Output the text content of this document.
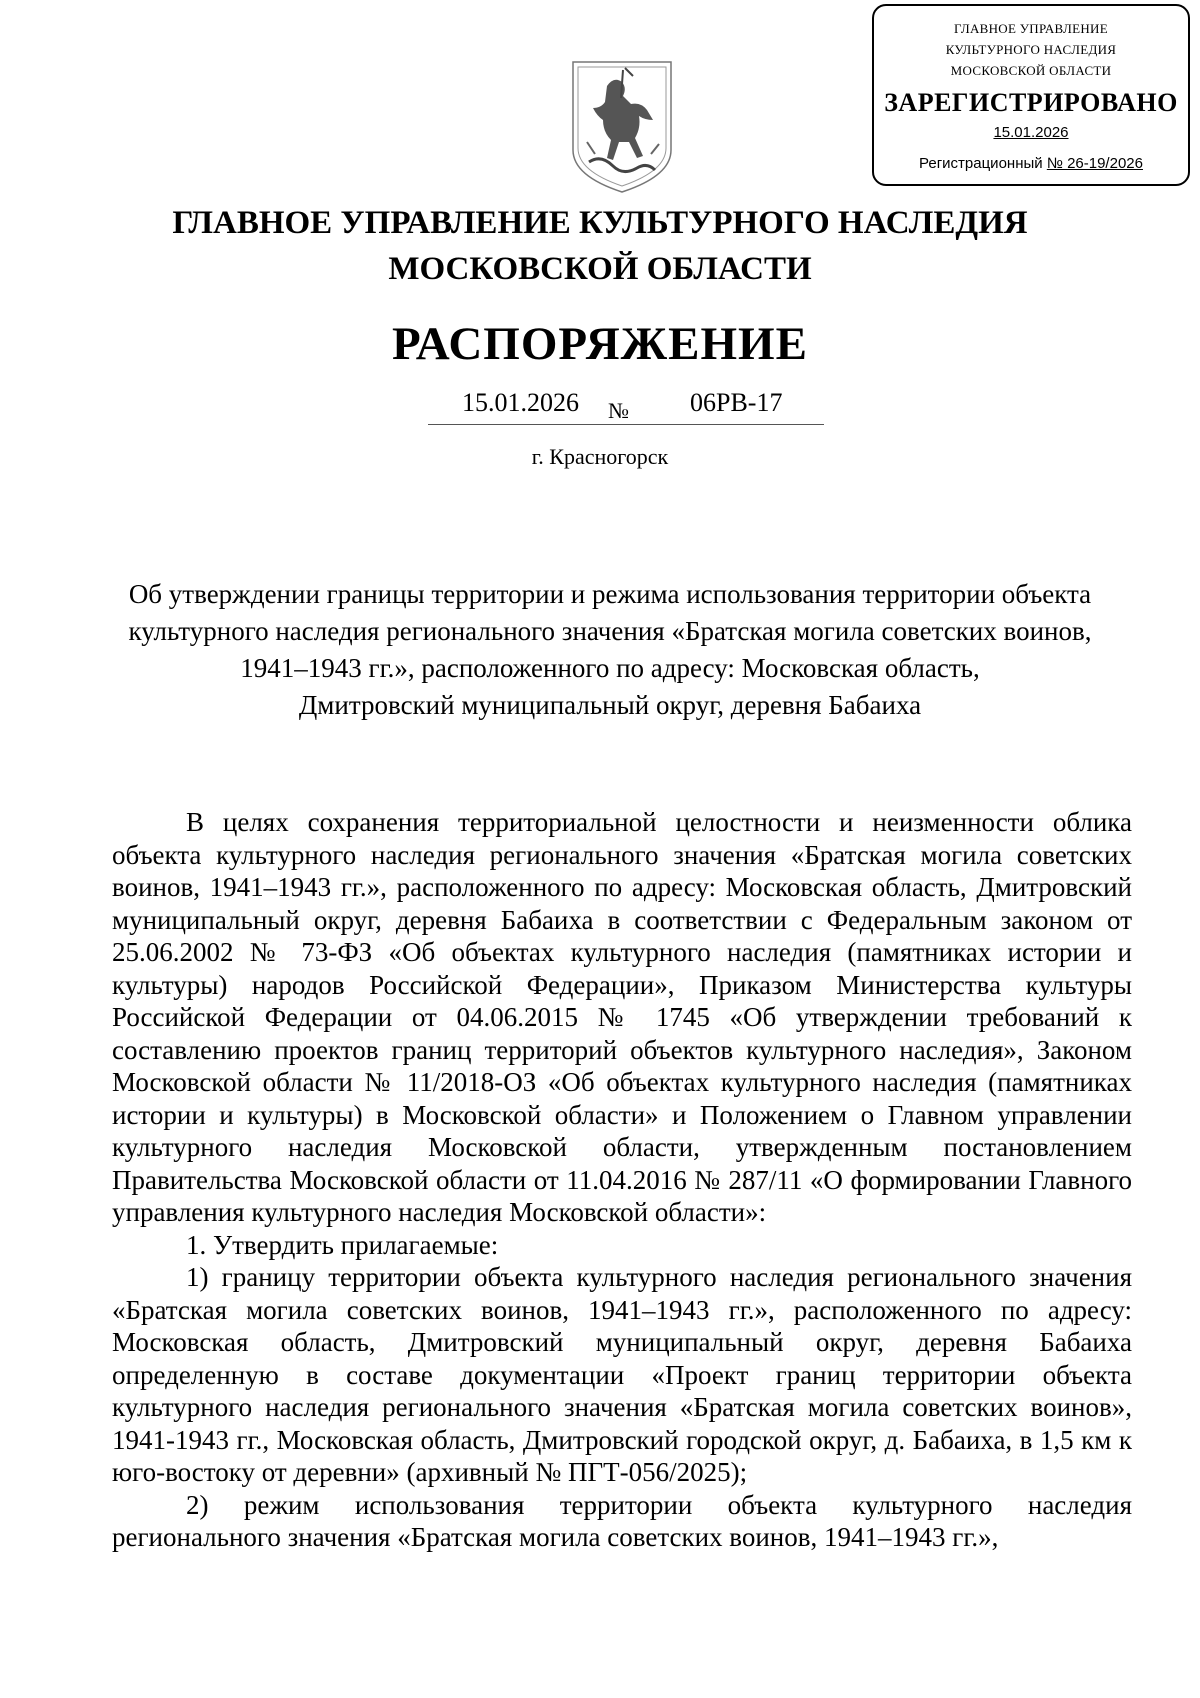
ГЛАВНОЕ УПРАВЛЕНИЕ
КУЛЬТУРНОГО НАСЛЕДИЯ
МОСКОВСКОЙ ОБЛАСТИ
ЗАРЕГИСТРИРОВАНО
15.01.2026
Регистрационный № 26-19/2026
ГЛАВНОЕ УПРАВЛЕНИЕ КУЛЬТУРНОГО НАСЛЕДИЯ
МОСКОВСКОЙ ОБЛАСТИ
РАСПОРЯЖЕНИЕ
15.01.2026 № 06РВ-17
г. Красногорск
Об утверждении границы территории и режима использования территории объекта
культурного наследия регионального значения «Братская могила советских воинов,
1941–1943 гг.», расположенного по адресу: Московская область,
Дмитровский муниципальный округ, деревня Бабаиха

В целях сохранения территориальной целостности и неизменности облика объекта культурного наследия регионального значения «Братская могила советских воинов, 1941–1943 гг.», расположенного по адресу: Московская область, Дмитровский муниципальный округ, деревня Бабаиха в соответствии с Федеральным законом от 25.06.2002 № 73-ФЗ «Об объектах культурного наследия (памятниках истории и культуры) народов Российской Федерации», Приказом Министерства культуры Российской Федерации от 04.06.2015 № 1745 «Об утверждении требований к составлению проектов границ территорий объектов культурного наследия», Законом Московской области № 11/2018-ОЗ «Об объектах культурного наследия (памятниках истории и культуры) в Московской области» и Положением о Главном управлении культурного наследия Московской области, утвержденным постановлением Правительства Московской области от 11.04.2016 № 287/11 «О формировании Главного управления культурного наследия Московской области»:

1. Утвердить прилагаемые:

1) границу территории объекта культурного наследия регионального значения «Братская могила советских воинов, 1941–1943 гг.», расположенного по адресу: Московская область, Дмитровский муниципальный округ, деревня Бабаиха определенную в составе документации «Проект границ территории объекта культурного наследия регионального значения «Братская могила советских воинов», 1941-1943 гг., Московская область, Дмитровский городской округ, д. Бабаиха, в 1,5 км к юго-востоку от деревни» (архивный № ПГТ-056/2025);

2) режим использования территории объекта культурного наследия регионального значения «Братская могила советских воинов, 1941–1943 гг.»,
